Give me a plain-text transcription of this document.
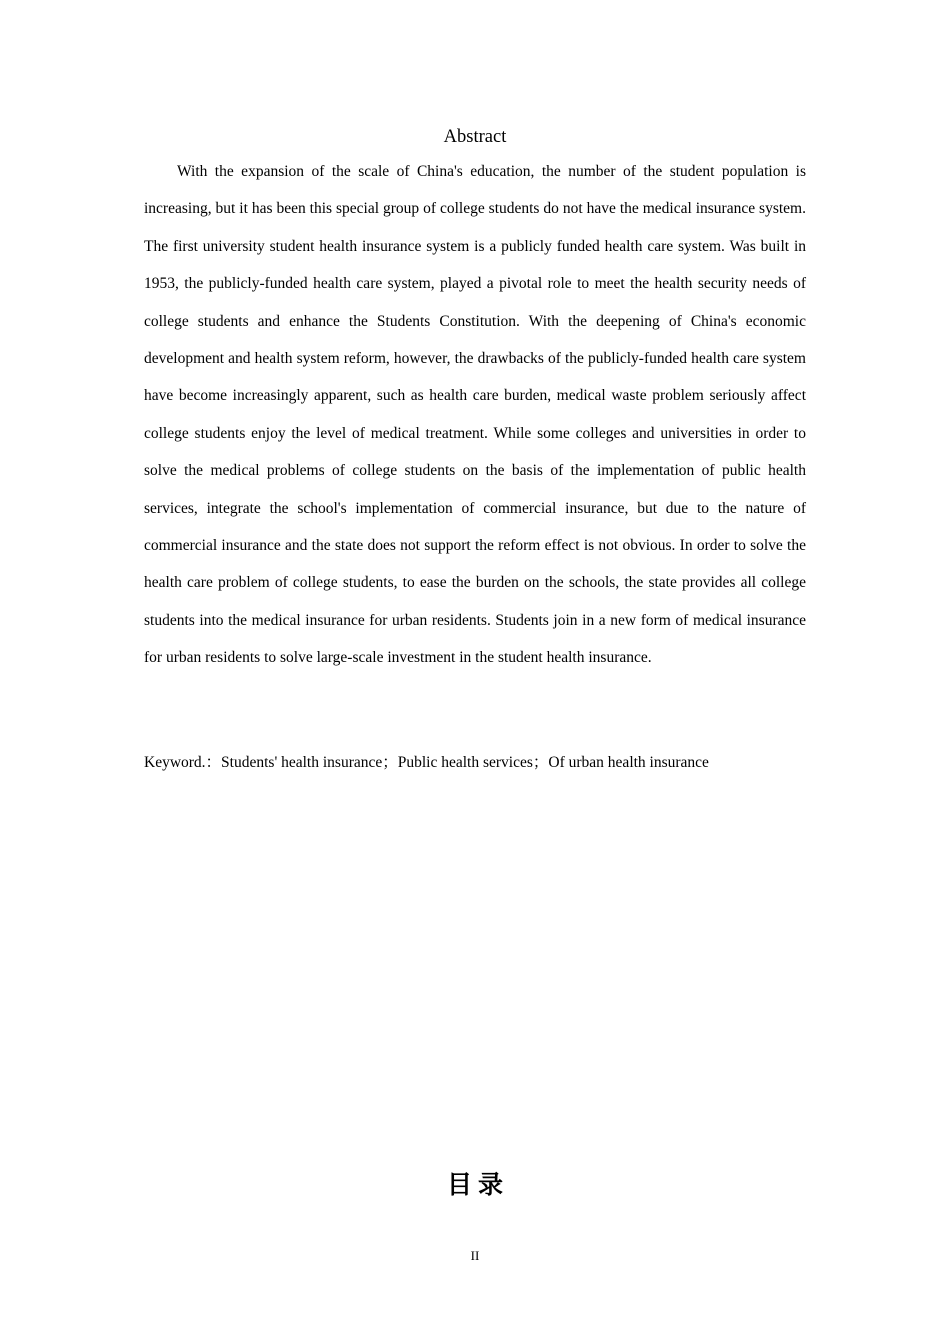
Abstract

With the expansion of the scale of China's education, the number of the student population is increasing, but it has been this special group of college students do not have the medical insurance system. The first university student health insurance system is a publicly funded health care system. Was built in 1953, the publicly-funded health care system, played a pivotal role to meet the health security needs of college students and enhance the Students Constitution. With the deepening of China's economic development and health system reform, however, the drawbacks of the publicly-funded health care system have become increasingly apparent, such as health care burden, medical waste problem seriously affect college students enjoy the level of medical treatment. While some colleges and universities in order to solve the medical problems of college students on the basis of the implementation of public health services, integrate the school's implementation of commercial insurance, but due to the nature of commercial insurance and the state does not support the reform effect is not obvious. In order to solve the health care problem of college students, to ease the burden on the schools, the state provides all college students into the medical insurance for urban residents. Students join in a new form of medical insurance for urban residents to solve large-scale investment in the student health insurance.

Keyword.：Students' health insurance；Public health services；Of urban health insurance
目录
II
